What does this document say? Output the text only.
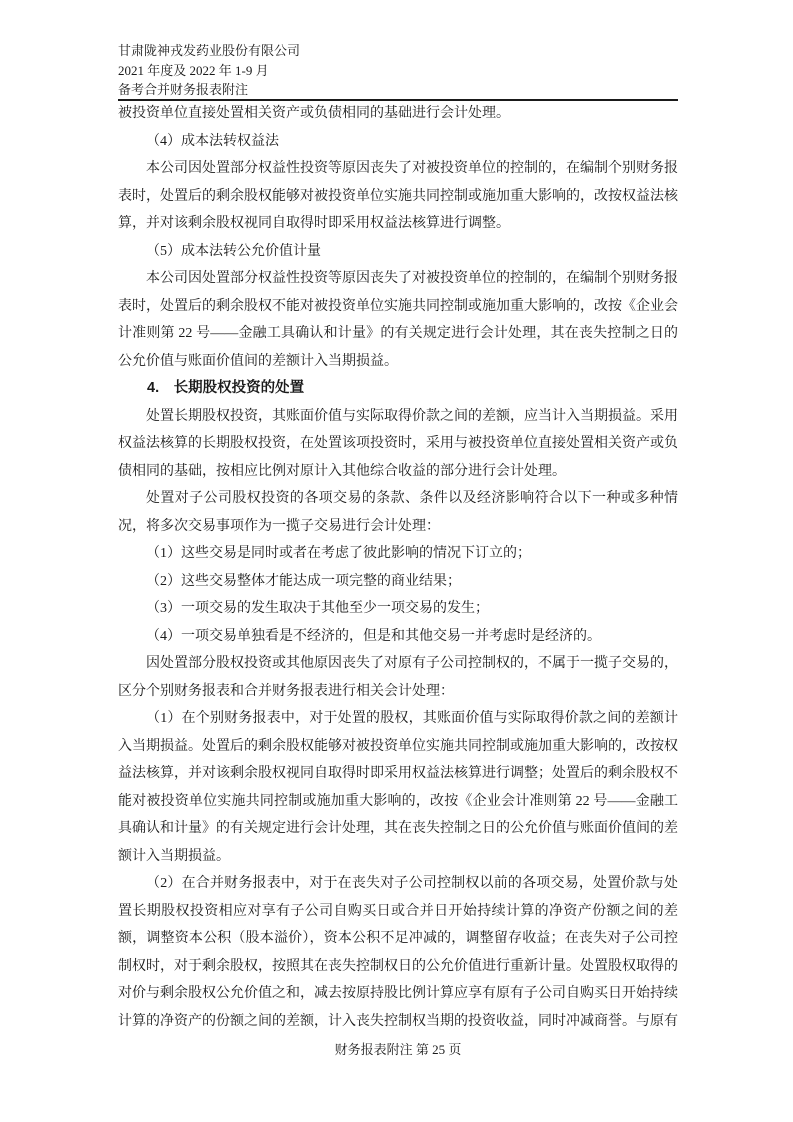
甘肃陇神戎发药业股份有限公司
2021 年度及 2022 年 1-9 月
备考合并财务报表附注

被投资单位直接处置相关资产或负债相同的基础进行会计处理。

（4）成本法转权益法

本公司因处置部分权益性投资等原因丧失了对被投资单位的控制的，在编制个别财务报表时，处置后的剩余股权能够对被投资单位实施共同控制或施加重大影响的，改按权益法核算，并对该剩余股权视同自取得时即采用权益法核算进行调整。

（5）成本法转公允价值计量

本公司因处置部分权益性投资等原因丧失了对被投资单位的控制的，在编制个别财务报表时，处置后的剩余股权不能对被投资单位实施共同控制或施加重大影响的，改按《企业会计准则第 22 号——金融工具确认和计量》的有关规定进行会计处理，其在丧失控制之日的公允价值与账面价值间的差额计入当期损益。

4.　长期股权投资的处置

处置长期股权投资，其账面价值与实际取得价款之间的差额，应当计入当期损益。采用权益法核算的长期股权投资，在处置该项投资时，采用与被投资单位直接处置相关资产或负债相同的基础，按相应比例对原计入其他综合收益的部分进行会计处理。

处置对子公司股权投资的各项交易的条款、条件以及经济影响符合以下一种或多种情况，将多次交易事项作为一揽子交易进行会计处理：

（1）这些交易是同时或者在考虑了彼此影响的情况下订立的；

（2）这些交易整体才能达成一项完整的商业结果；

（3）一项交易的发生取决于其他至少一项交易的发生；

（4）一项交易单独看是不经济的，但是和其他交易一并考虑时是经济的。

因处置部分股权投资或其他原因丧失了对原有子公司控制权的，不属于一揽子交易的，区分个别财务报表和合并财务报表进行相关会计处理：

（1）在个别财务报表中，对于处置的股权，其账面价值与实际取得价款之间的差额计入当期损益。处置后的剩余股权能够对被投资单位实施共同控制或施加重大影响的，改按权益法核算，并对该剩余股权视同自取得时即采用权益法核算进行调整；处置后的剩余股权不能对被投资单位实施共同控制或施加重大影响的，改按《企业会计准则第 22 号——金融工具确认和计量》的有关规定进行会计处理，其在丧失控制之日的公允价值与账面价值间的差额计入当期损益。

（2）在合并财务报表中，对于在丧失对子公司控制权以前的各项交易，处置价款与处置长期股权投资相应对享有子公司自购买日或合并日开始持续计算的净资产份额之间的差额，调整资本公积（股本溢价），资本公积不足冲减的，调整留存收益；在丧失对子公司控制权时，对于剩余股权，按照其在丧失控制权日的公允价值进行重新计量。处置股权取得的对价与剩余股权公允价值之和，减去按原持股比例计算应享有原有子公司自购买日开始持续计算的净资产的份额之间的差额，计入丧失控制权当期的投资收益，同时冲减商誉。与原有

财务报表附注 第 25 页
